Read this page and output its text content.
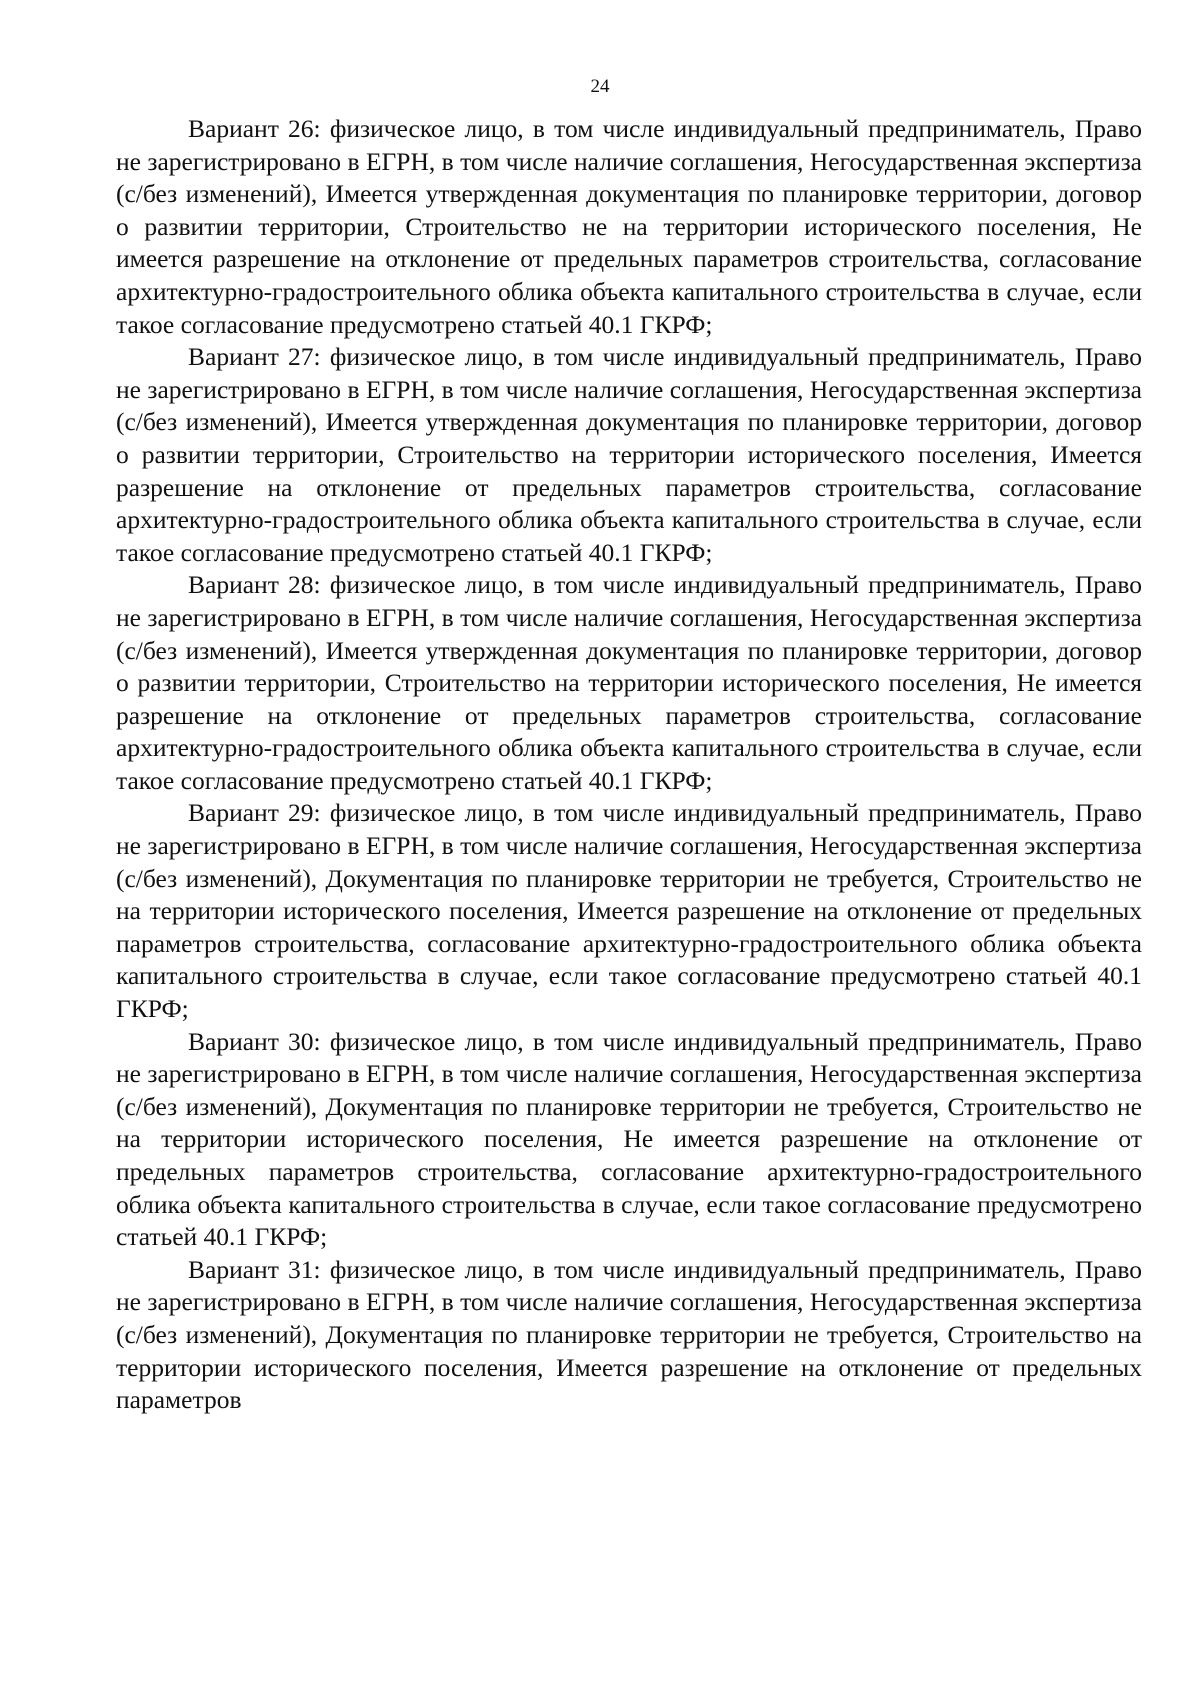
24

Вариант 26: физическое лицо, в том числе индивидуальный предприниматель, Право не зарегистрировано в ЕГРН, в том числе наличие соглашения, Негосударственная экспертиза (с/без изменений), Имеется утвержденная документация по планировке территории, договор о развитии территории, Строительство не на территории исторического поселения, Не имеется разрешение на отклонение от предельных параметров строительства, согласование архитектурно-градостроительного облика объекта капитального строительства в случае, если такое согласование предусмотрено статьей 40.1 ГКРФ;

Вариант 27: физическое лицо, в том числе индивидуальный предприниматель, Право не зарегистрировано в ЕГРН, в том числе наличие соглашения, Негосударственная экспертиза (с/без изменений), Имеется утвержденная документация по планировке территории, договор о развитии территории, Строительство на территории исторического поселения, Имеется разрешение на отклонение от предельных параметров строительства, согласование архитектурно-градостроительного облика объекта капитального строительства в случае, если такое согласование предусмотрено статьей 40.1 ГКРФ;

Вариант 28: физическое лицо, в том числе индивидуальный предприниматель, Право не зарегистрировано в ЕГРН, в том числе наличие соглашения, Негосударственная экспертиза (с/без изменений), Имеется утвержденная документация по планировке территории, договор о развитии территории, Строительство на территории исторического поселения, Не имеется разрешение на отклонение от предельных параметров строительства, согласование архитектурно-градостроительного облика объекта капитального строительства в случае, если такое согласование предусмотрено статьей 40.1 ГКРФ;

Вариант 29: физическое лицо, в том числе индивидуальный предприниматель, Право не зарегистрировано в ЕГРН, в том числе наличие соглашения, Негосударственная экспертиза (с/без изменений), Документация по планировке территории не требуется, Строительство не на территории исторического поселения, Имеется разрешение на отклонение от предельных параметров строительства, согласование архитектурно-градостроительного облика объекта капитального строительства в случае, если такое согласование предусмотрено статьей 40.1 ГКРФ;

Вариант 30: физическое лицо, в том числе индивидуальный предприниматель, Право не зарегистрировано в ЕГРН, в том числе наличие соглашения, Негосударственная экспертиза (с/без изменений), Документация по планировке территории не требуется, Строительство не на территории исторического поселения, Не имеется разрешение на отклонение от предельных параметров строительства, согласование архитектурно-градостроительного облика объекта капитального строительства в случае, если такое согласование предусмотрено статьей 40.1 ГКРФ;

Вариант 31: физическое лицо, в том числе индивидуальный предприниматель, Право не зарегистрировано в ЕГРН, в том числе наличие соглашения, Негосударственная экспертиза (с/без изменений), Документация по планировке территории не требуется, Строительство на территории исторического поселения, Имеется разрешение на отклонение от предельных параметров
